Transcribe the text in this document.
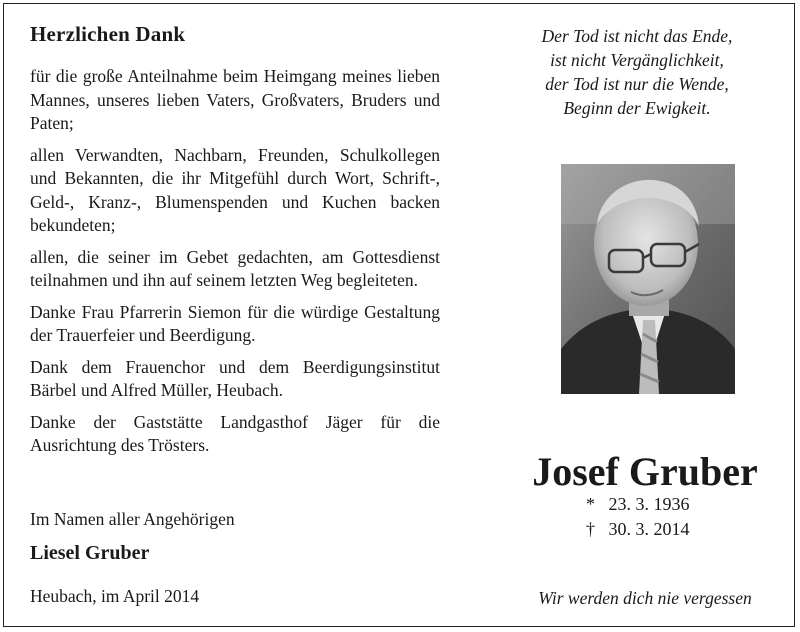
Herzlichen Dank

für die große Anteilnahme beim Heimgang meines lieben Mannes, unseres lieben Vaters, Großvaters, Bruders und Paten;

allen Verwandten, Nachbarn, Freunden, Schulkollegen und Bekannten, die ihr Mitgefühl durch Wort, Schrift-, Geld-, Kranz-, Blumenspenden und Kuchen backen bekundeten;

allen, die seiner im Gebet gedachten, am Gottesdienst teilnahmen und ihn auf seinem letzten Weg begleiteten.

Danke Frau Pfarrerin Siemon für die würdige Gestaltung der Trauerfeier und Beerdigung.

Dank dem Frauenchor und dem Beerdigungsinstitut Bärbel und Alfred Müller, Heubach.

Danke der Gaststätte Landgasthof Jäger für die Ausrichtung des Trösters.

Im Namen aller Angehörigen
Liesel Gruber
Heubach, im April 2014
Der Tod ist nicht das Ende,
ist nicht Vergänglichkeit,
der Tod ist nur die Wende,
Beginn der Ewigkeit.
Josef Gruber
* 23. 3. 1936
† 30. 3. 2014
Wir werden dich nie vergessen
